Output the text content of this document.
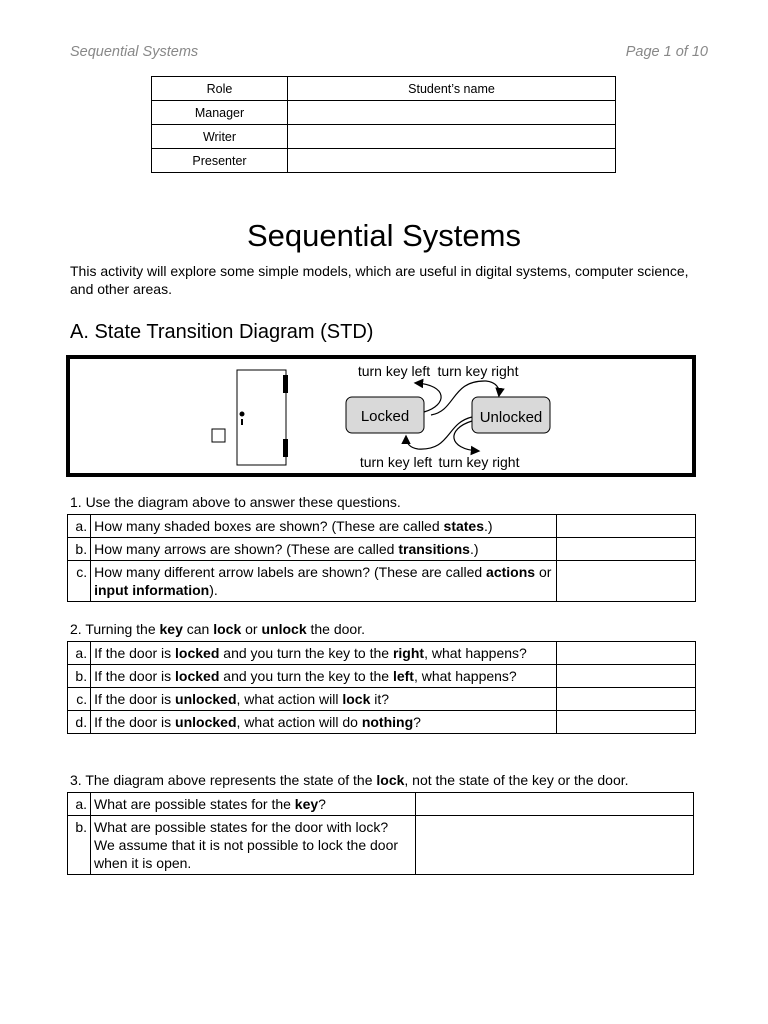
Sequential Systems	Page 1 of 10
Role	Student’s name
Manager	
Writer	
Presenter	
Sequential Systems
This activity will explore some simple models, which are useful in digital systems, computer science, and other areas.
A. State Transition Diagram (STD)
Locked	Unlocked
turn key left turn key right
turn key left turn key right
1. Use the diagram above to answer these questions.
a.	How many shaded boxes are shown? (These are called states.)	
b.	How many arrows are shown? (These are called transitions.)	
c.	How many different arrow labels are shown? (These are called actions or input information).	
2. Turning the key can lock or unlock the door.
a.	If the door is locked and you turn the key to the right, what happens?	
b.	If the door is locked and you turn the key to the left, what happens?	
c.	If the door is unlocked, what action will lock it?	
d.	If the door is unlocked, what action will do nothing?	
3. The diagram above represents the state of the lock, not the state of the key or the door.
a.	What are possible states for the key?	
b.	What are possible states for the door with lock? We assume that it is not possible to lock the door when it is open.	
